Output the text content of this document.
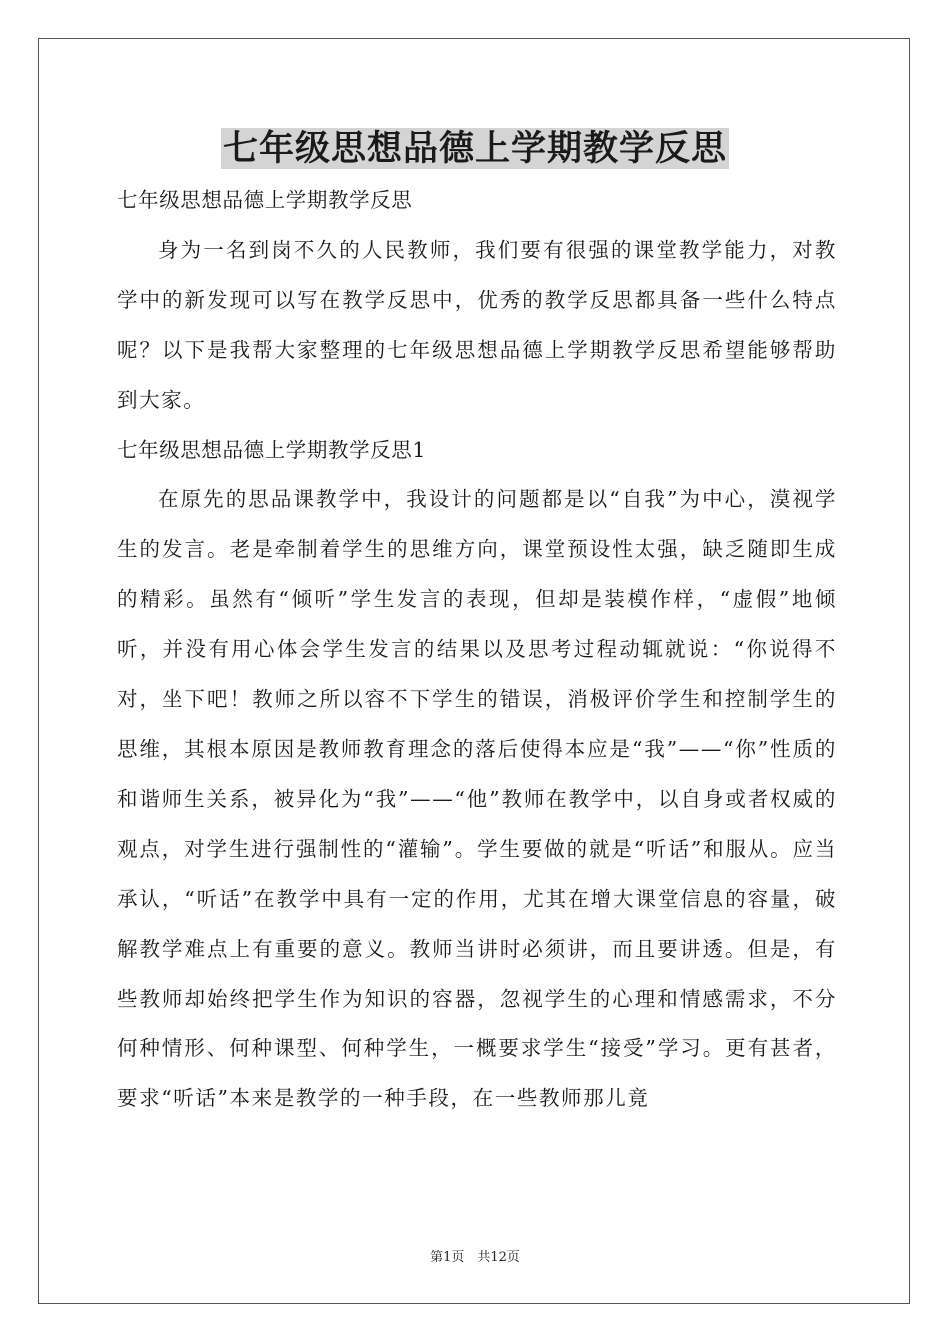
七年级思想品德上学期教学反思

七年级思想品德上学期教学反思

身为一名到岗不久的人民教师，我们要有很强的课堂教学能力，对教学中的新发现可以写在教学反思中，优秀的教学反思都具备一些什么特点呢？以下是我帮大家整理的七年级思想品德上学期教学反思希望能够帮助到大家。

七年级思想品德上学期教学反思1

在原先的思品课教学中，我设计的问题都是以“自我”为中心，漠视学生的发言。老是牵制着学生的思维方向，课堂预设性太强，缺乏随即生成的精彩。虽然有“倾听”学生发言的表现，但却是装模作样，“虚假”地倾听，并没有用心体会学生发言的结果以及思考过程动辄就说：“你说得不对，坐下吧！教师之所以容不下学生的错误，消极评价学生和控制学生的思维，其根本原因是教师教育理念的落后使得本应是“我”——“你”性质的和谐师生关系，被异化为“我”——“他”教师在教学中，以自身或者权威的观点，对学生进行强制性的“灌输”。学生要做的就是“听话”和服从。应当承认，“听话”在教学中具有一定的作用，尤其在增大课堂信息的容量，破解教学难点上有重要的意义。教师当讲时必须讲，而且要讲透。但是，有些教师却始终把学生作为知识的容器，忽视学生的心理和情感需求，不分何种情形、何种课型、何种学生，一概要求学生“接受”学习。更有甚者，要求“听话”本来是教学的一种手段，在一些教师那儿竟

第1页　共12页
